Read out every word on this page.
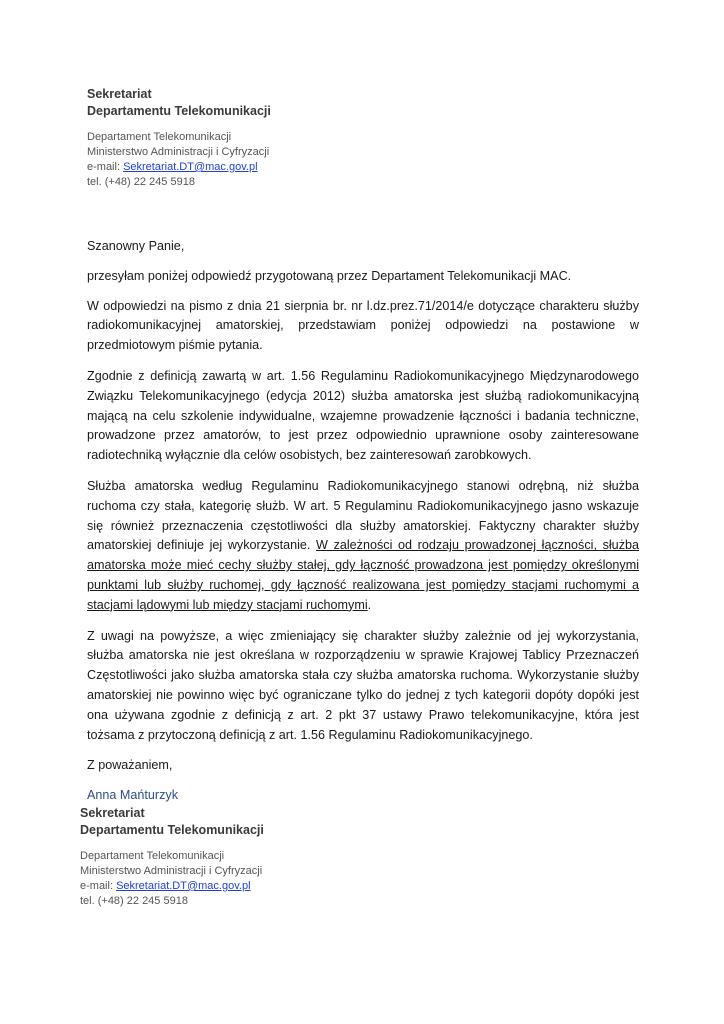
Sekretariat
Departamentu Telekomunikacji
Departament Telekomunikacji
Ministerstwo Administracji i Cyfryzacji
e-mail: Sekretariat.DT@mac.gov.pl
tel. (+48) 22 245 5918

Szanowny Panie,

przesyłam poniżej odpowiedź przygotowaną przez Departament Telekomunikacji MAC.

W odpowiedzi na pismo z dnia 21 sierpnia br. nr l.dz.prez.71/2014/e dotyczące charakteru służby radiokomunikacyjnej amatorskiej, przedstawiam poniżej odpowiedzi na postawione w przedmiotowym piśmie pytania.

Zgodnie z definicją zawartą w art. 1.56 Regulaminu Radiokomunikacyjnego Międzynarodowego Związku Telekomunikacyjnego (edycja 2012) służba amatorska jest służbą radiokomunikacyjną mającą na celu szkolenie indywidualne, wzajemne prowadzenie łączności i badania techniczne, prowadzone przez amatorów, to jest przez odpowiednio uprawnione osoby zainteresowane radiotechniką wyłącznie dla celów osobistych, bez zainteresowań zarobkowych.

Służba amatorska według Regulaminu Radiokomunikacyjnego stanowi odrębną, niż służba ruchoma czy stała, kategorię służb. W art. 5 Regulaminu Radiokomunikacyjnego jasno wskazuje się również przeznaczenia częstotliwości dla służby amatorskiej. Faktyczny charakter służby amatorskiej definiuje jej wykorzystanie. W zależności od rodzaju prowadzonej łączności, służba amatorska może mieć cechy służby stałej, gdy łączność prowadzona jest pomiędzy określonymi punktami lub służby ruchomej, gdy łączność realizowana jest pomiędzy stacjami ruchomymi a stacjami lądowymi lub między stacjami ruchomymi.

Z uwagi na powyższe, a więc zmieniający się charakter służby zależnie od jej wykorzystania, służba amatorska nie jest określana w rozporządzeniu w sprawie Krajowej Tablicy Przeznaczeń Częstotliwości jako służba amatorska stała czy służba amatorska ruchoma. Wykorzystanie służby amatorskiej nie powinno więc być ograniczane tylko do jednej z tych kategorii dopóty dopóki jest ona używana zgodnie z definicją z art. 2 pkt 37 ustawy Prawo telekomunikacyjne, która jest tożsama z przytoczoną definicją z art. 1.56 Regulaminu Radiokomunikacyjnego.

Z poważaniem,

Anna Mańturzyk

Sekretariat
Departamentu Telekomunikacji
Departament Telekomunikacji
Ministerstwo Administracji i Cyfryzacji
e-mail: Sekretariat.DT@mac.gov.pl
tel. (+48) 22 245 5918
